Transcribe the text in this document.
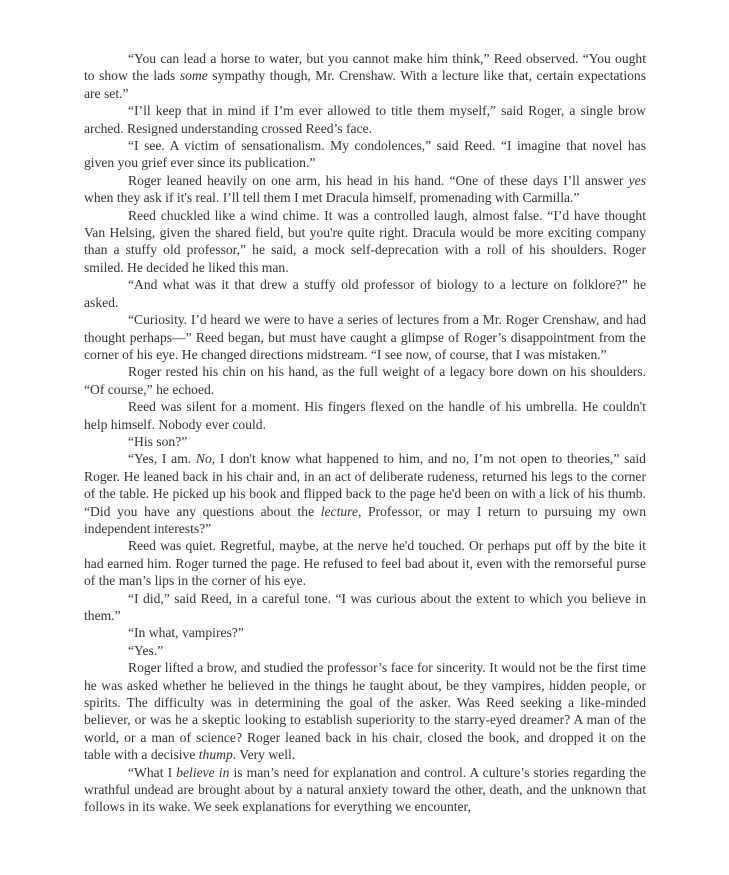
“You can lead a horse to water, but you cannot make him think,” Reed observed. “You ought to show the lads some sympathy though, Mr. Crenshaw. With a lecture like that, certain expectations are set.”

“I’ll keep that in mind if I’m ever allowed to title them myself,” said Roger, a single brow arched. Resigned understanding crossed Reed’s face.

“I see. A victim of sensationalism. My condolences,” said Reed. “I imagine that novel has given you grief ever since its publication.”

Roger leaned heavily on one arm, his head in his hand. “One of these days I’ll answer yes when they ask if it's real. I’ll tell them I met Dracula himself, promenading with Carmilla.”

Reed chuckled like a wind chime. It was a controlled laugh, almost false. “I’d have thought Van Helsing, given the shared field, but you're quite right. Dracula would be more exciting company than a stuffy old professor,” he said, a mock self-deprecation with a roll of his shoulders. Roger smiled. He decided he liked this man.

“And what was it that drew a stuffy old professor of biology to a lecture on folklore?” he asked.

“Curiosity. I’d heard we were to have a series of lectures from a Mr. Roger Crenshaw, and had thought perhaps—” Reed began, but must have caught a glimpse of Roger’s disappointment from the corner of his eye. He changed directions midstream. “I see now, of course, that I was mistaken.”

Roger rested his chin on his hand, as the full weight of a legacy bore down on his shoulders. “Of course,” he echoed.

Reed was silent for a moment. His fingers flexed on the handle of his umbrella. He couldn't help himself. Nobody ever could.

“His son?”

“Yes, I am. No, I don't know what happened to him, and no, I’m not open to theories,” said Roger. He leaned back in his chair and, in an act of deliberate rudeness, returned his legs to the corner of the table. He picked up his book and flipped back to the page he'd been on with a lick of his thumb. “Did you have any questions about the lecture, Professor, or may I return to pursuing my own independent interests?”

Reed was quiet. Regretful, maybe, at the nerve he'd touched. Or perhaps put off by the bite it had earned him. Roger turned the page. He refused to feel bad about it, even with the remorseful purse of the man’s lips in the corner of his eye.

“I did,” said Reed, in a careful tone. “I was curious about the extent to which you believe in them.”

“In what, vampires?”

“Yes.”

Roger lifted a brow, and studied the professor’s face for sincerity. It would not be the first time he was asked whether he believed in the things he taught about, be they vampires, hidden people, or spirits. The difficulty was in determining the goal of the asker. Was Reed seeking a like-minded believer, or was he a skeptic looking to establish superiority to the starry-eyed dreamer? A man of the world, or a man of science? Roger leaned back in his chair, closed the book, and dropped it on the table with a decisive thump. Very well.

“What I believe in is man’s need for explanation and control. A culture’s stories regarding the wrathful undead are brought about by a natural anxiety toward the other, death, and the unknown that follows in its wake. We seek explanations for everything we encounter,
